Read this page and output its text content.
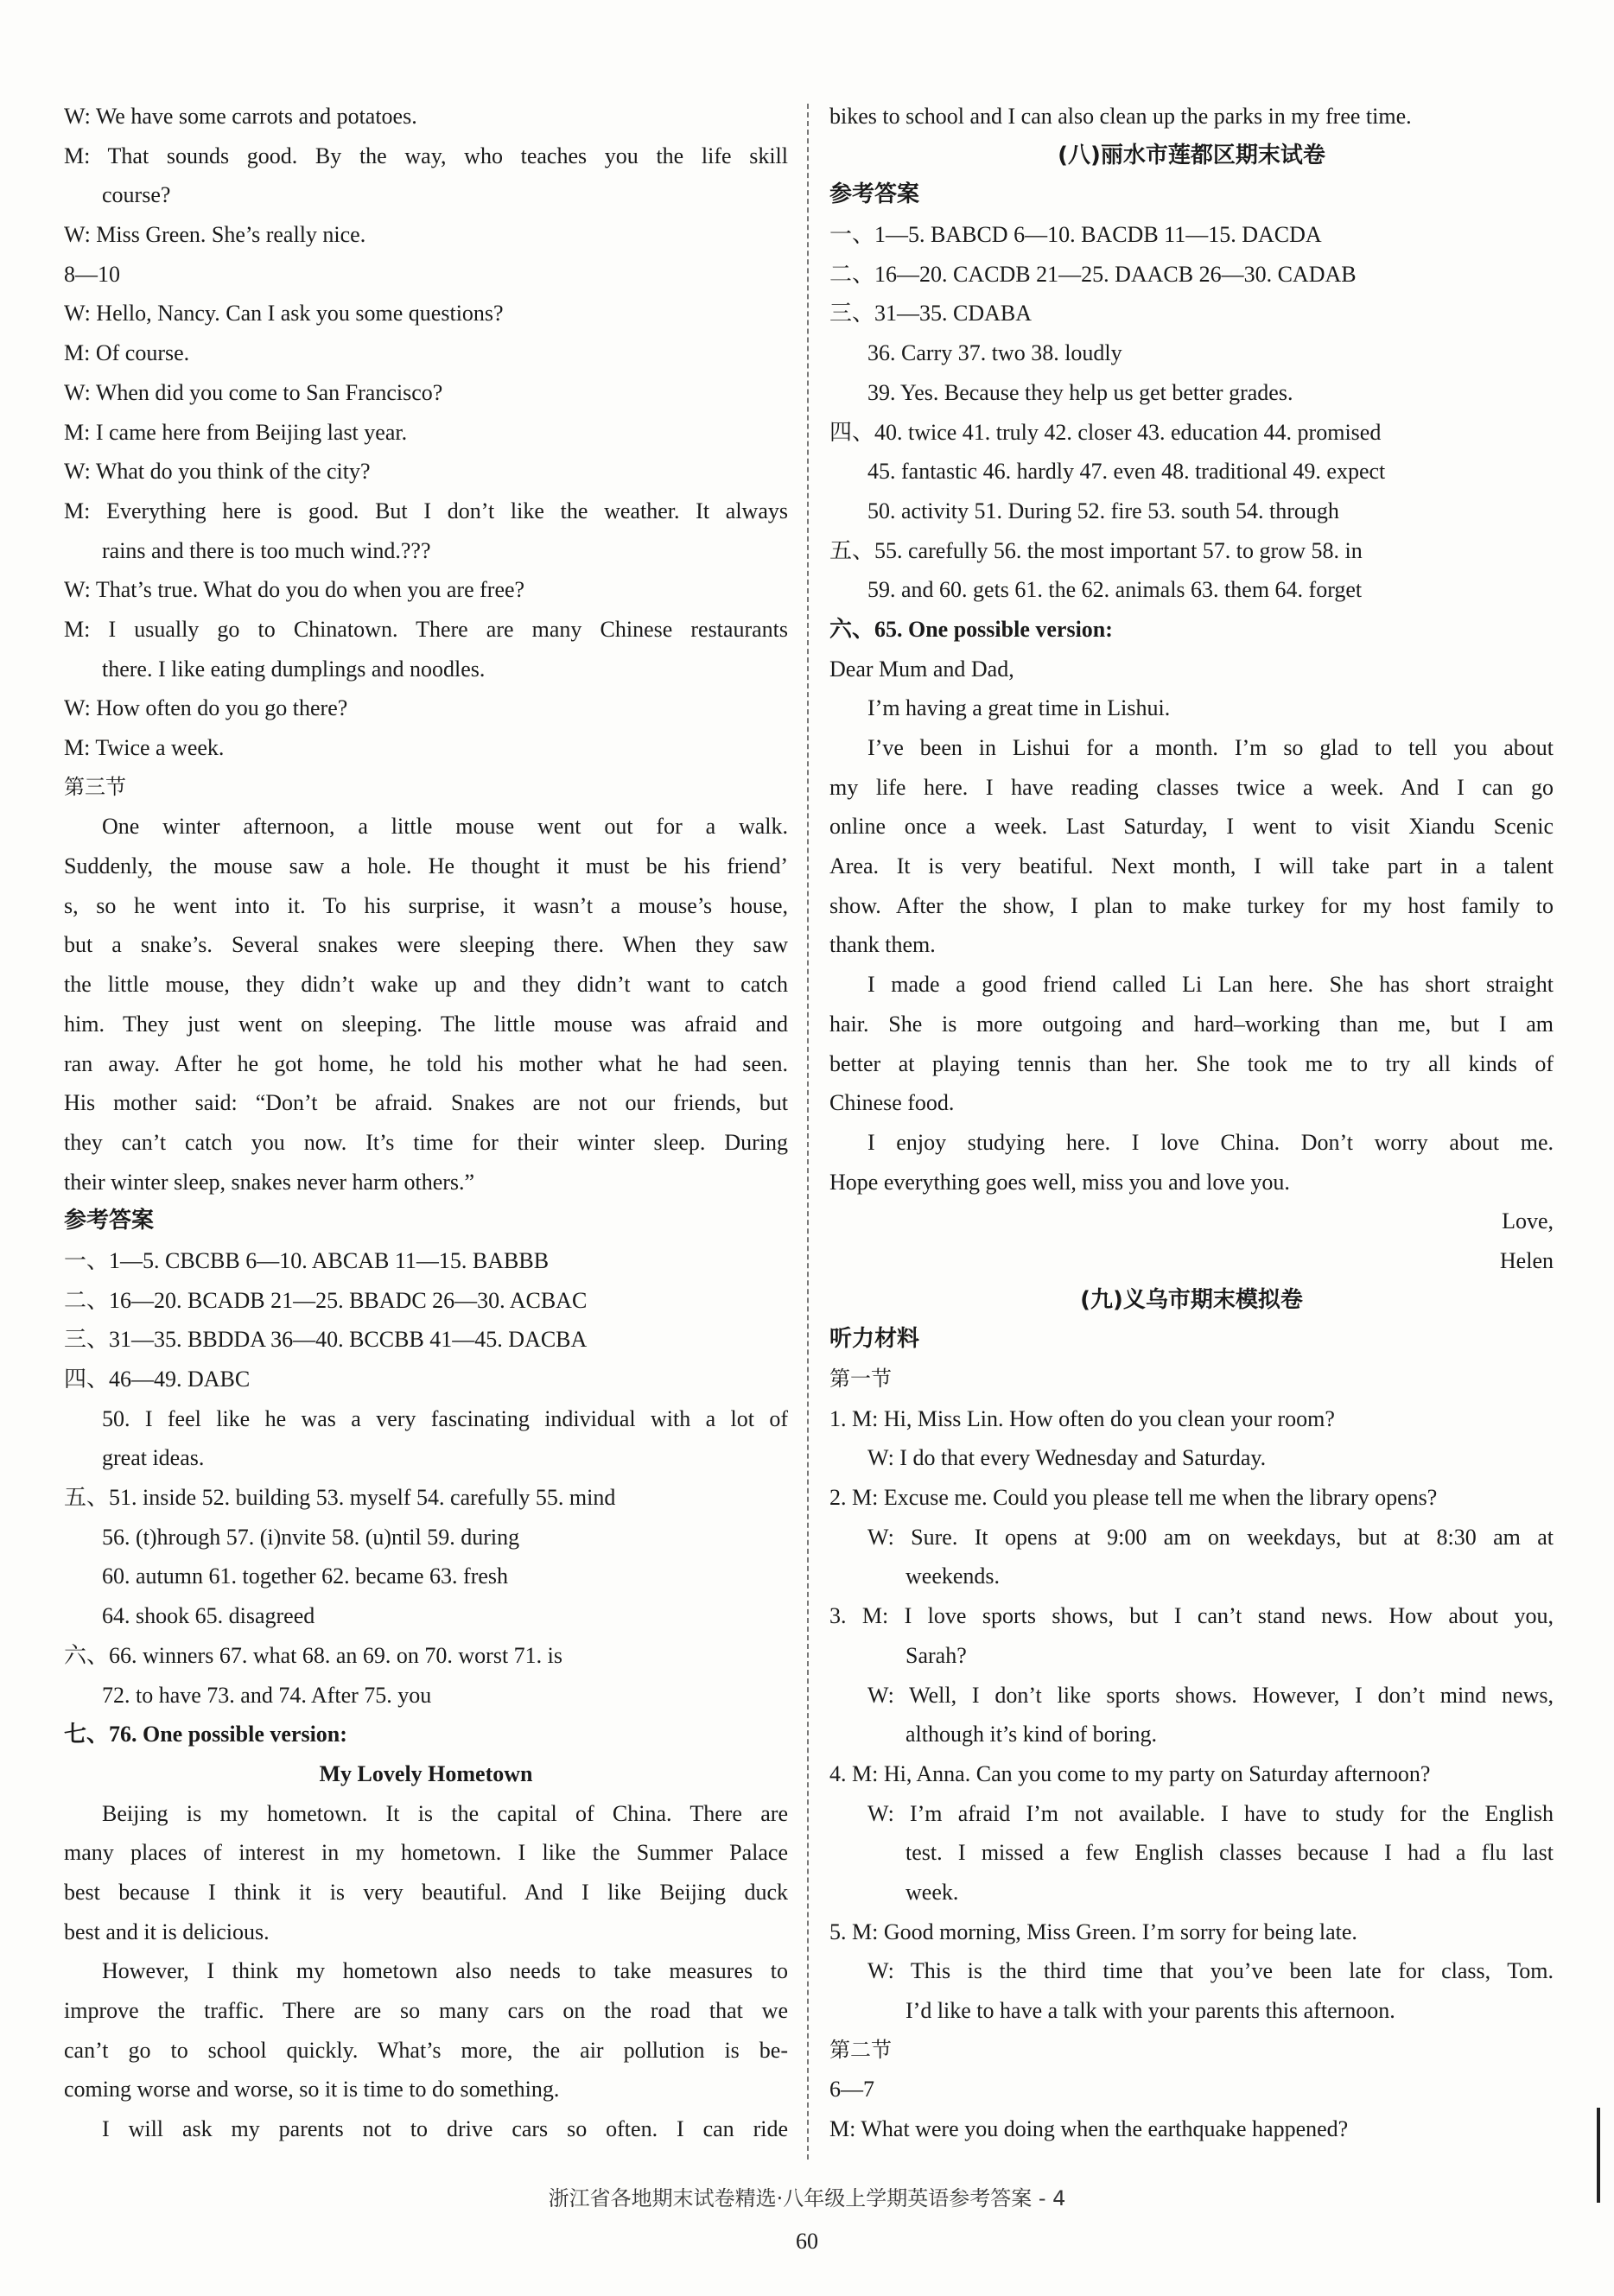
W: We have some carrots and potatoes.
M: That sounds good. By the way, who teaches you the life skill
course?
W: Miss Green. She’s really nice.
8—10
W: Hello, Nancy. Can I ask you some questions?
M: Of course.
W: When did you come to San Francisco?
M: I came here from Beijing last year.
W: What do you think of the city?
M: Everything here is good. But I don’t like the weather. It always
rains and there is too much wind.???
W: That’s true. What do you do when you are free?
M: I usually go to Chinatown. There are many Chinese restaurants
there. I like eating dumplings and noodles.
W: How often do you go there?
M: Twice a week.
第三节
One winter afternoon, a little mouse went out for a walk.
Suddenly, the mouse saw a hole. He thought it must be his friend’
s, so he went into it. To his surprise, it wasn’t a mouse’s house,
but a snake’s. Several snakes were sleeping there. When they saw
the little mouse, they didn’t wake up and they didn’t want to catch
him. They just went on sleeping. The little mouse was afraid and
ran away. After he got home, he told his mother what he had seen.
His mother said: “Don’t be afraid. Snakes are not our friends, but
they can’t catch you now. It’s time for their winter sleep. During
their winter sleep, snakes never harm others.”
参考答案
一、1—5. CBCBB 6—10. ABCAB 11—15. BABBB
二、16—20. BCADB 21—25. BBADC 26—30. ACBAC
三、31—35. BBDDA 36—40. BCCBB 41—45. DACBA
四、46—49. DABC
50. I feel like he was a very fascinating individual with a lot of
great ideas.
五、51. inside 52. building 53. myself 54. carefully 55. mind
56. (t)hrough 57. (i)nvite 58. (u)ntil 59. during
60. autumn 61. together 62. became 63. fresh
64. shook 65. disagreed
六、66. winners 67. what 68. an 69. on 70. worst 71. is
72. to have 73. and 74. After 75. you
七、76. One possible version:
My Lovely Hometown
Beijing is my hometown. It is the capital of China. There are
many places of interest in my hometown. I like the Summer Palace
best because I think it is very beautiful. And I like Beijing duck
best and it is delicious.
However, I think my hometown also needs to take measures to
improve the traffic. There are so many cars on the road that we
can’t go to school quickly. What’s more, the air pollution is be-
coming worse and worse, so it is time to do something.
I will ask my parents not to drive cars so often. I can ride
bikes to school and I can also clean up the parks in my free time.
(八)丽水市莲都区期末试卷
参考答案
一、1—5. BABCD 6—10. BACDB 11—15. DACDA
二、16—20. CACDB 21—25. DAACB 26—30. CADAB
三、31—35. CDABA
36. Carry 37. two 38. loudly
39. Yes. Because they help us get better grades.
四、40. twice 41. truly 42. closer 43. education 44. promised
45. fantastic 46. hardly 47. even 48. traditional 49. expect
50. activity 51. During 52. fire 53. south 54. through
五、55. carefully 56. the most important 57. to grow 58. in
59. and 60. gets 61. the 62. animals 63. them 64. forget
六、65. One possible version:
Dear Mum and Dad,
I’m having a great time in Lishui.
I’ve been in Lishui for a month. I’m so glad to tell you about
my life here. I have reading classes twice a week. And I can go
online once a week. Last Saturday, I went to visit Xiandu Scenic
Area. It is very beatiful. Next month, I will take part in a talent
show. After the show, I plan to make turkey for my host family to
thank them.
I made a good friend called Li Lan here. She has short straight
hair. She is more outgoing and hard–working than me, but I am
better at playing tennis than her. She took me to try all kinds of
Chinese food.
I enjoy studying here. I love China. Don’t worry about me.
Hope everything goes well, miss you and love you.
Love,
Helen
(九)义乌市期末模拟卷
听力材料
第一节
1. M: Hi, Miss Lin. How often do you clean your room?
W: I do that every Wednesday and Saturday.
2. M: Excuse me. Could you please tell me when the library opens?
W: Sure. It opens at 9:00 am on weekdays, but at 8:30 am at
weekends.
3. M: I love sports shows, but I can’t stand news. How about you,
Sarah?
W: Well, I don’t like sports shows. However, I don’t mind news,
although it’s kind of boring.
4. M: Hi, Anna. Can you come to my party on Saturday afternoon?
W: I’m afraid I’m not available. I have to study for the English
test. I missed a few English classes because I had a flu last
week.
5. M: Good morning, Miss Green. I’m sorry for being late.
W: This is the third time that you’ve been late for class, Tom.
I’d like to have a talk with your parents this afternoon.
第二节
6—7
M: What were you doing when the earthquake happened?
浙江省各地期末试卷精选·八年级上学期英语参考答案 - 4
60
